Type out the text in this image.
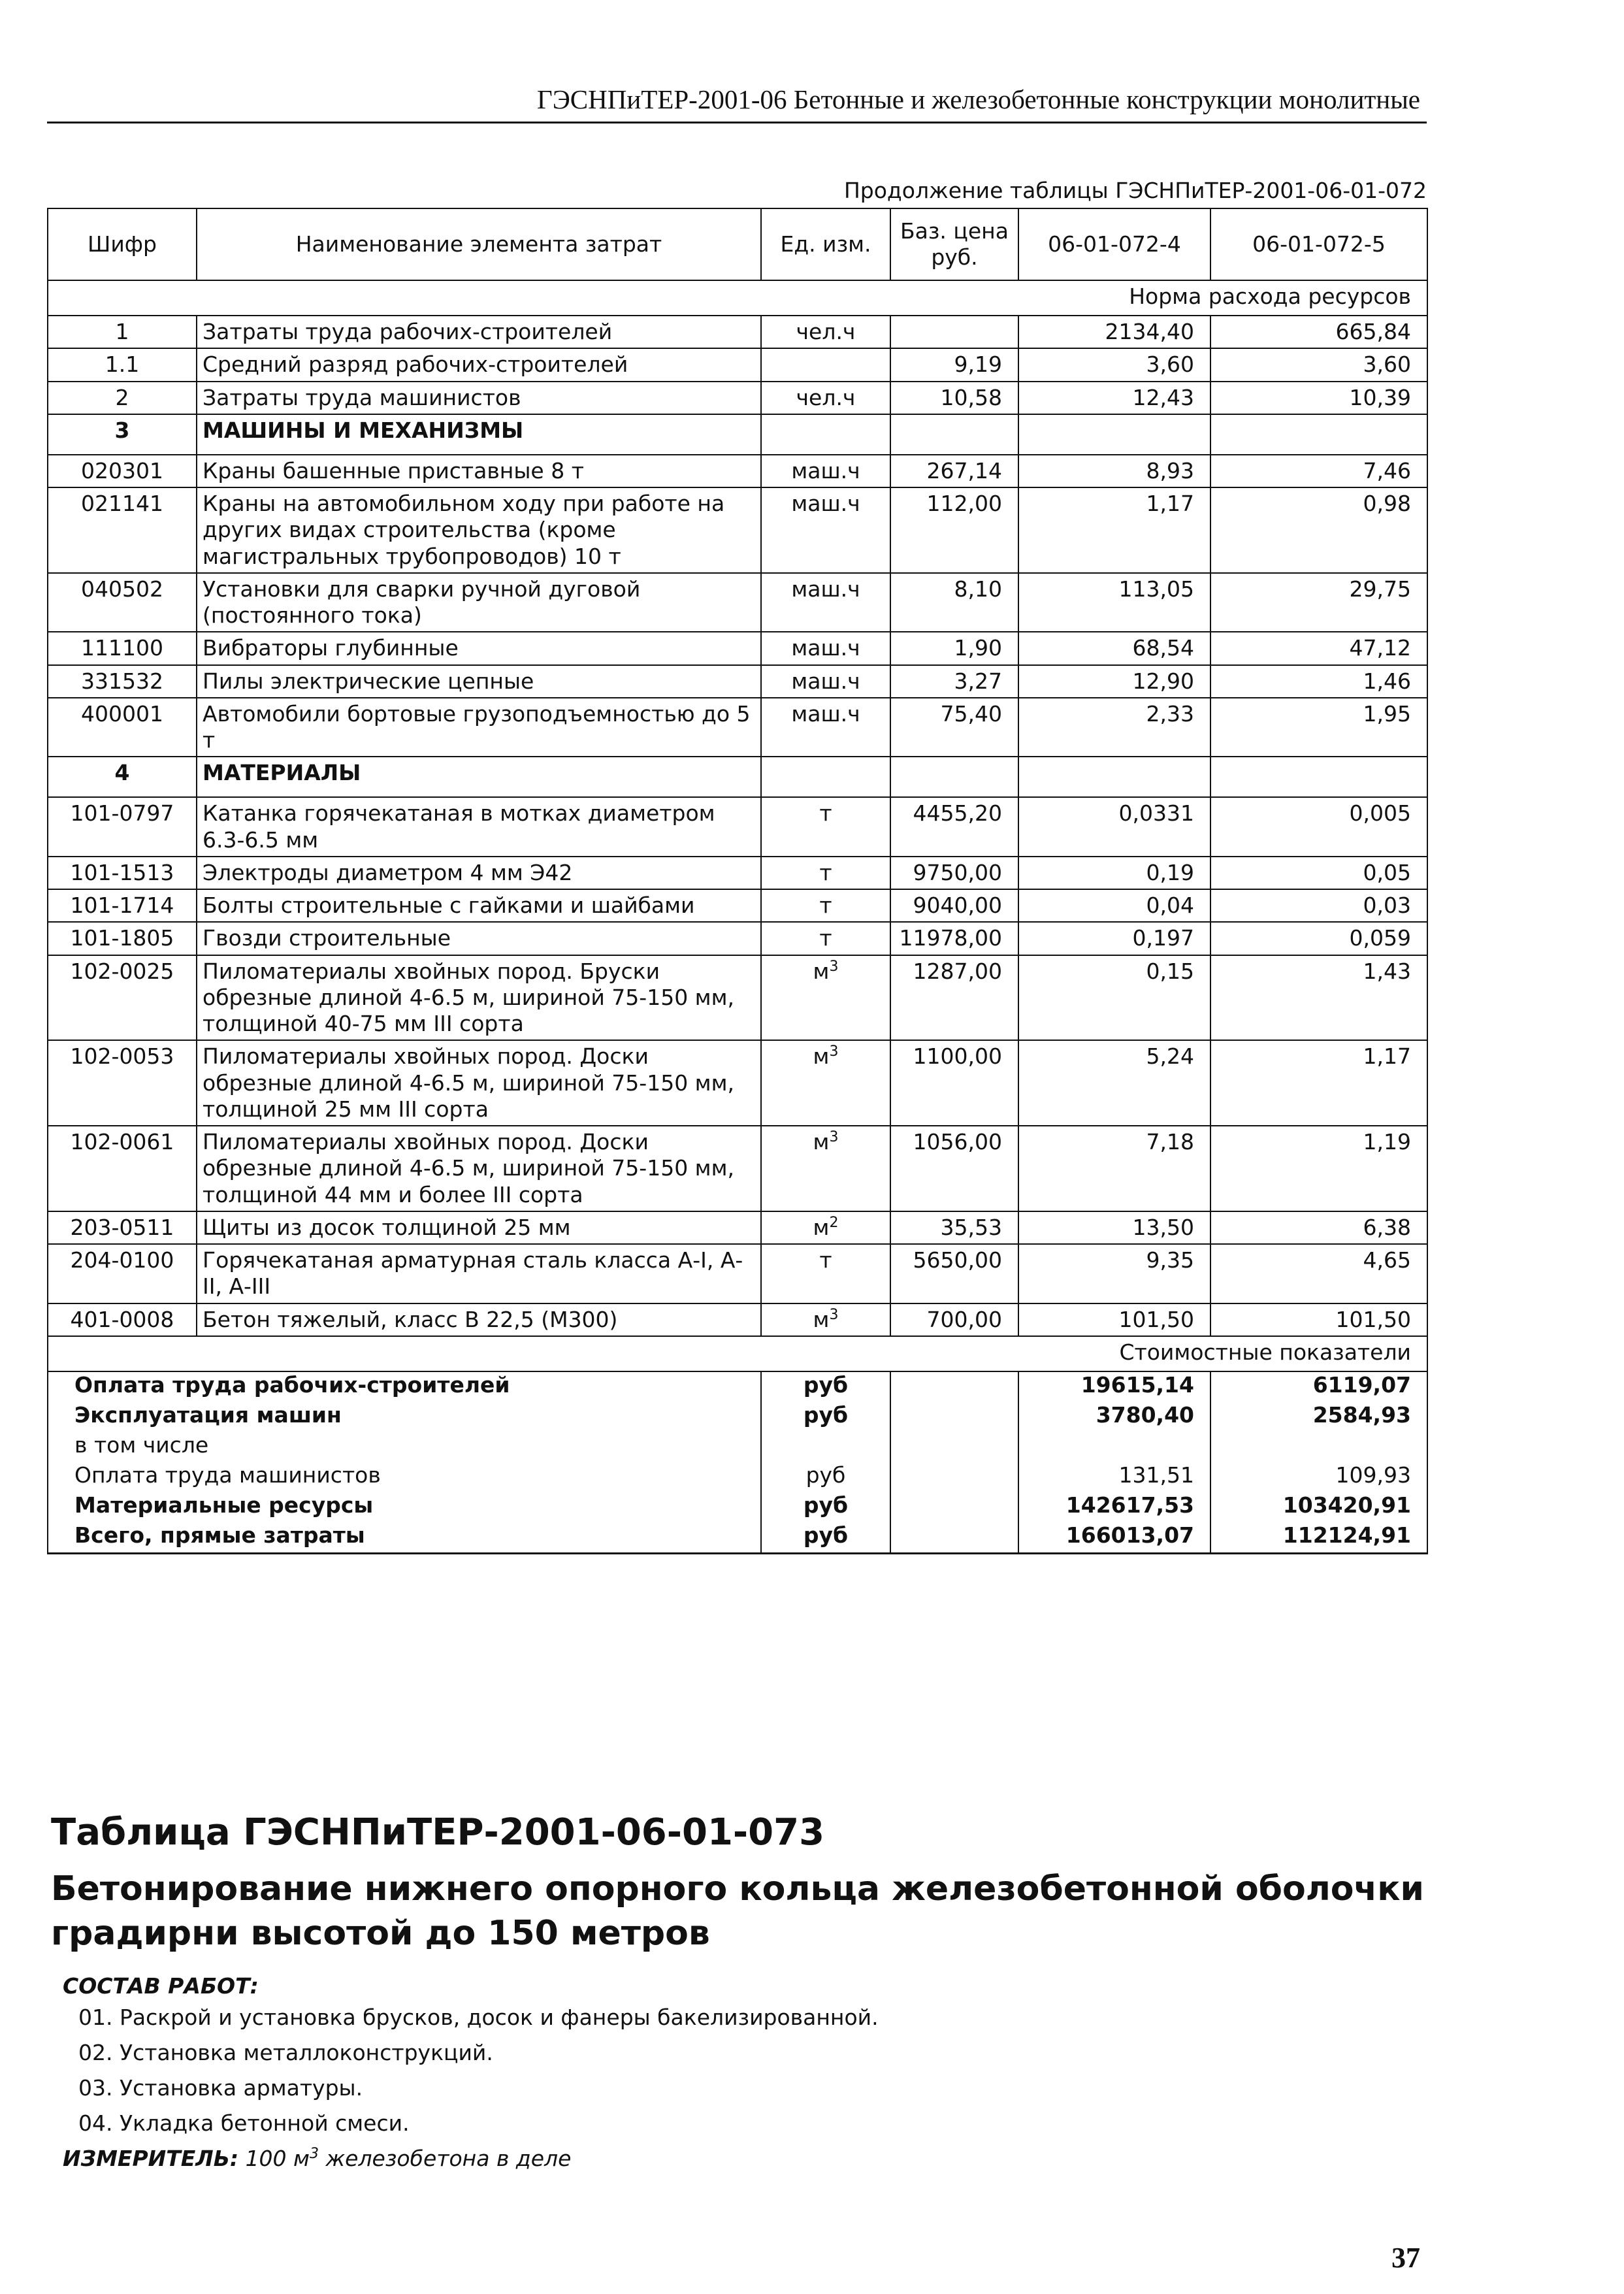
ГЭСНПиТЕР-2001-06 Бетонные и железобетонные конструкции монолитные
Продолжение таблицы ГЭСНПиТЕР-2001-06-01-072
Шифр	Наименование элемента затрат	Ед. изм.	Баз. цена руб.	06-01-072-4	06-01-072-5
Норма расхода ресурсов					
1	Затраты труда рабочих-строителей	чел.ч		2134,40	665,84
1.1	Средний разряд рабочих-строителей		9,19	3,60	3,60
2	Затраты труда машинистов	чел.ч	10,58	12,43	10,39
3	МАШИНЫ И МЕХАНИЗМЫ				
020301	Краны башенные приставные 8 т	маш.ч	267,14	8,93	7,46
021141	Краны на автомобильном ходу при работе на других видах строительства (кроме магистральных трубопроводов) 10 т	маш.ч	112,00	1,17	0,98
040502	Установки для сварки ручной дуговой (постоянного тока)	маш.ч	8,10	113,05	29,75
111100	Вибраторы глубинные	маш.ч	1,90	68,54	47,12
331532	Пилы электрические цепные	маш.ч	3,27	12,90	1,46
400001	Автомобили бортовые грузоподъемностью до 5 т	маш.ч	75,40	2,33	1,95
4	МАТЕРИАЛЫ				
101-0797	Катанка горячекатаная в мотках диаметром 6.3-6.5 мм	т	4455,20	0,0331	0,005
101-1513	Электроды диаметром 4 мм Э42	т	9750,00	0,19	0,05
101-1714	Болты строительные с гайками и шайбами	т	9040,00	0,04	0,03
101-1805	Гвозди строительные	т	11978,00	0,197	0,059
102-0025	Пиломатериалы хвойных пород. Бруски обрезные длиной 4-6.5 м, шириной 75-150 мм, толщиной 40-75 мм III сорта	$м^3$	1287,00	0,15	1,43
102-0053	Пиломатериалы хвойных пород. Доски обрезные длиной 4-6.5 м, шириной 75-150 мм, толщиной 25 мм III сорта	$м^3$	1100,00	5,24	1,17
102-0061	Пиломатериалы хвойных пород. Доски обрезные длиной 4-6.5 м, шириной 75-150 мм, толщиной 44 мм и более III сорта	$м^3$	1056,00	7,18	1,19
203-0511	Щиты из досок толщиной 25 мм	$м^2$	35,53	13,50	6,38
204-0100	Горячекатаная арматурная сталь класса А-I, А-II, А-III	т	5650,00	9,35	4,65
401-0008	Бетон тяжелый, класс В 22,5 (М300)	$м^3$	700,00	101,50	101,50
Стоимостные показатели					
Оплата труда рабочих-строителей		руб		19615,14	6119,07
Эксплуатация машин		руб		3780,40	2584,93
в том числе					
Оплата труда машинистов		руб		131,51	109,93
Материальные ресурсы		руб		142617,53	103420,91
Всего, прямые затраты		руб		166013,07	112124,91
Таблица ГЭСНПиТЕР-2001-06-01-073
Бетонирование нижнего опорного кольца железобетонной оболочки градирни высотой до 150 метров
СОСТАВ РАБОТ:
01. Раскрой и установка брусков, досок и фанеры бакелизированной.
02. Установка металлоконструкций.
03. Установка арматуры.
04. Укладка бетонной смеси.
ИЗМЕРИТЕЛЬ: 100 $м^3$ железобетона в деле
37
